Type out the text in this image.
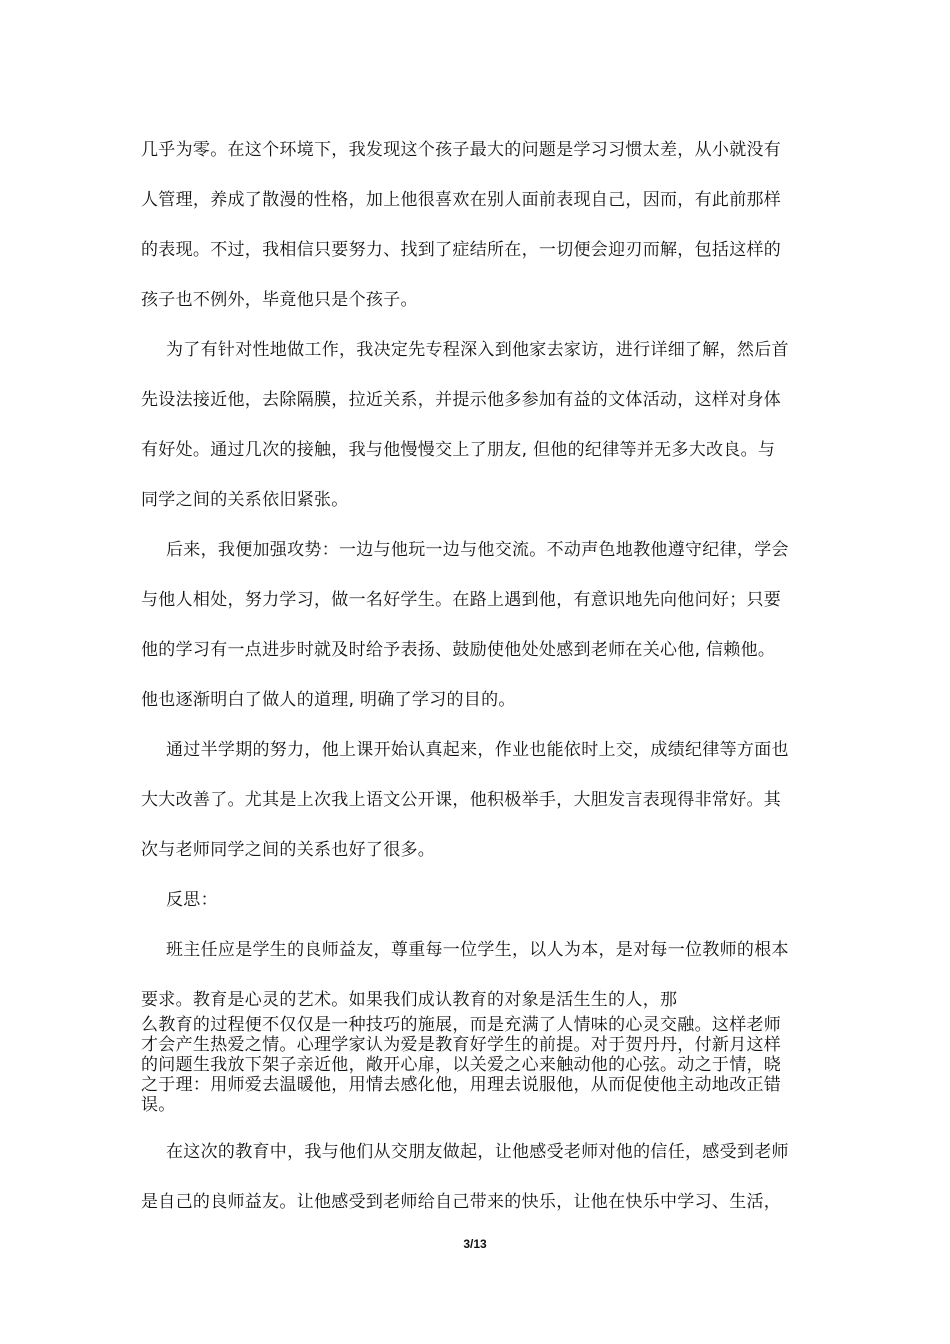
几乎为零。在这个环境下，我发现这个孩子最大的问题是学习习惯太差，从小就没有
人管理，养成了散漫的性格，加上他很喜欢在别人面前表现自己，因而，有此前那样
的表现。不过，我相信只要努力、找到了症结所在，一切便会迎刃而解，包括这样的
孩子也不例外，毕竟他只是个孩子。
为了有针对性地做工作，我决定先专程深入到他家去家访，进行详细了解，然后首
先设法接近他，去除隔膜，拉近关系，并提示他多参加有益的文体活动，这样对身体
有好处。通过几次的接触，我与他慢慢交上了朋友, 但他的纪律等并无多大改良。与
同学之间的关系依旧紧张。
后来，我便加强攻势：一边与他玩一边与他交流。不动声色地教他遵守纪律，学会
与他人相处，努力学习，做一名好学生。在路上遇到他，有意识地先向他问好；只要
他的学习有一点进步时就及时给予表扬、鼓励使他处处感到老师在关心他, 信赖他。
他也逐渐明白了做人的道理, 明确了学习的目的。
通过半学期的努力，他上课开始认真起来，作业也能依时上交，成绩纪律等方面也
大大改善了。尤其是上次我上语文公开课，他积极举手，大胆发言表现得非常好。其
次与老师同学之间的关系也好了很多。
反思：
班主任应是学生的良师益友，尊重每一位学生，以人为本，是对每一位教师的根本
要求。教育是心灵的艺术。如果我们成认教育的对象是活生生的人，那
么教育的过程便不仅仅是一种技巧的施展，而是充满了人情味的心灵交融。这样老师
才会产生热爱之情。心理学家认为爱是教育好学生的前提。对于贺丹丹，付新月这样
的问题生我放下架子亲近他，敞开心扉，以关爱之心来触动他的心弦。动之于情，晓
之于理：用师爱去温暖他，用情去感化他，用理去说服他，从而促使他主动地改正错
误。
在这次的教育中，我与他们从交朋友做起，让他感受老师对他的信任，感受到老师
是自己的良师益友。让他感受到老师给自己带来的快乐，让他在快乐中学习、生活，
3/13
